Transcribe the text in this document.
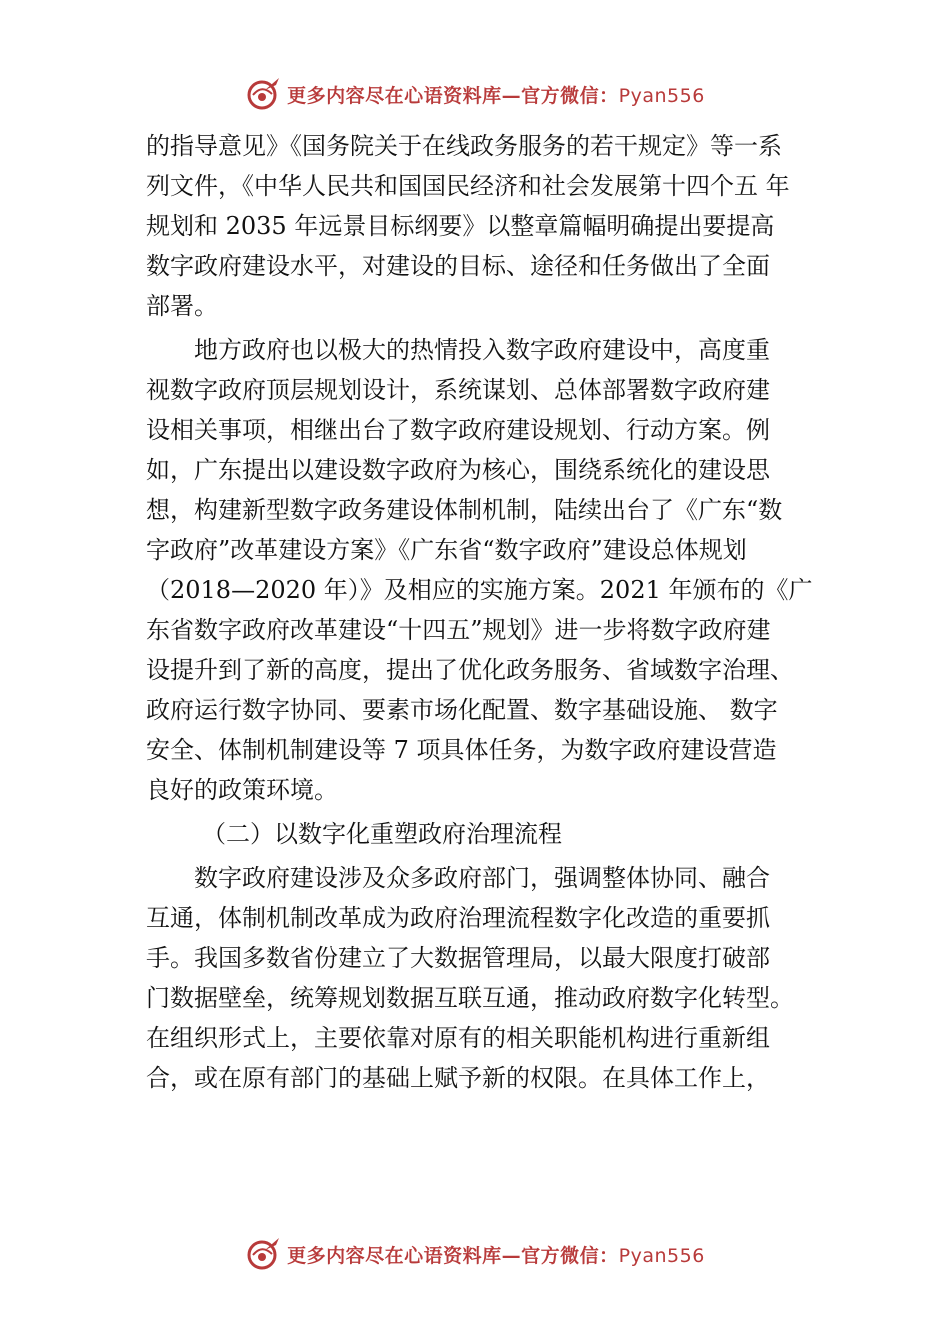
更多内容尽在心语资料库—官方微信：Pyan556
的指导意见》《国务院关于在线政务服务的若干规定》等一系
列文件，《中华人民共和国国民经济和社会发展第十四个五 年
规划和 2035 年远景目标纲要》以整章篇幅明确提出要提高
数字政府建设水平，对建设的目标、途径和任务做出了全面
部署。
地方政府也以极大的热情投入数字政府建设中，高度重
视数字政府顶层规划设计，系统谋划、总体部署数字政府建
设相关事项，相继出台了数字政府建设规划、行动方案。例
如，广东提出以建设数字政府为核心，围绕系统化的建设思
想，构建新型数字政务建设体制机制，陆续出台了《广东“数
字政府”改革建设方案》《广东省“数字政府”建设总体规划
（2018—2020 年）》及相应的实施方案。2021 年颁布的《广
东省数字政府改革建设“十四五”规划》进一步将数字政府建
设提升到了新的高度，提出了优化政务服务、省域数字治理、
政府运行数字协同、要素市场化配置、数字基础设施、 数字
安全、体制机制建设等 7 项具体任务，为数字政府建设营造
良好的政策环境。
（二）以数字化重塑政府治理流程
数字政府建设涉及众多政府部门，强调整体协同、融合
互通，体制机制改革成为政府治理流程数字化改造的重要抓
手。我国多数省份建立了大数据管理局，以最大限度打破部
门数据壁垒，统筹规划数据互联互通，推动政府数字化转型。
在组织形式上，主要依靠对原有的相关职能机构进行重新组
合，或在原有部门的基础上赋予新的权限。在具体工作上，
更多内容尽在心语资料库—官方微信：Pyan556
